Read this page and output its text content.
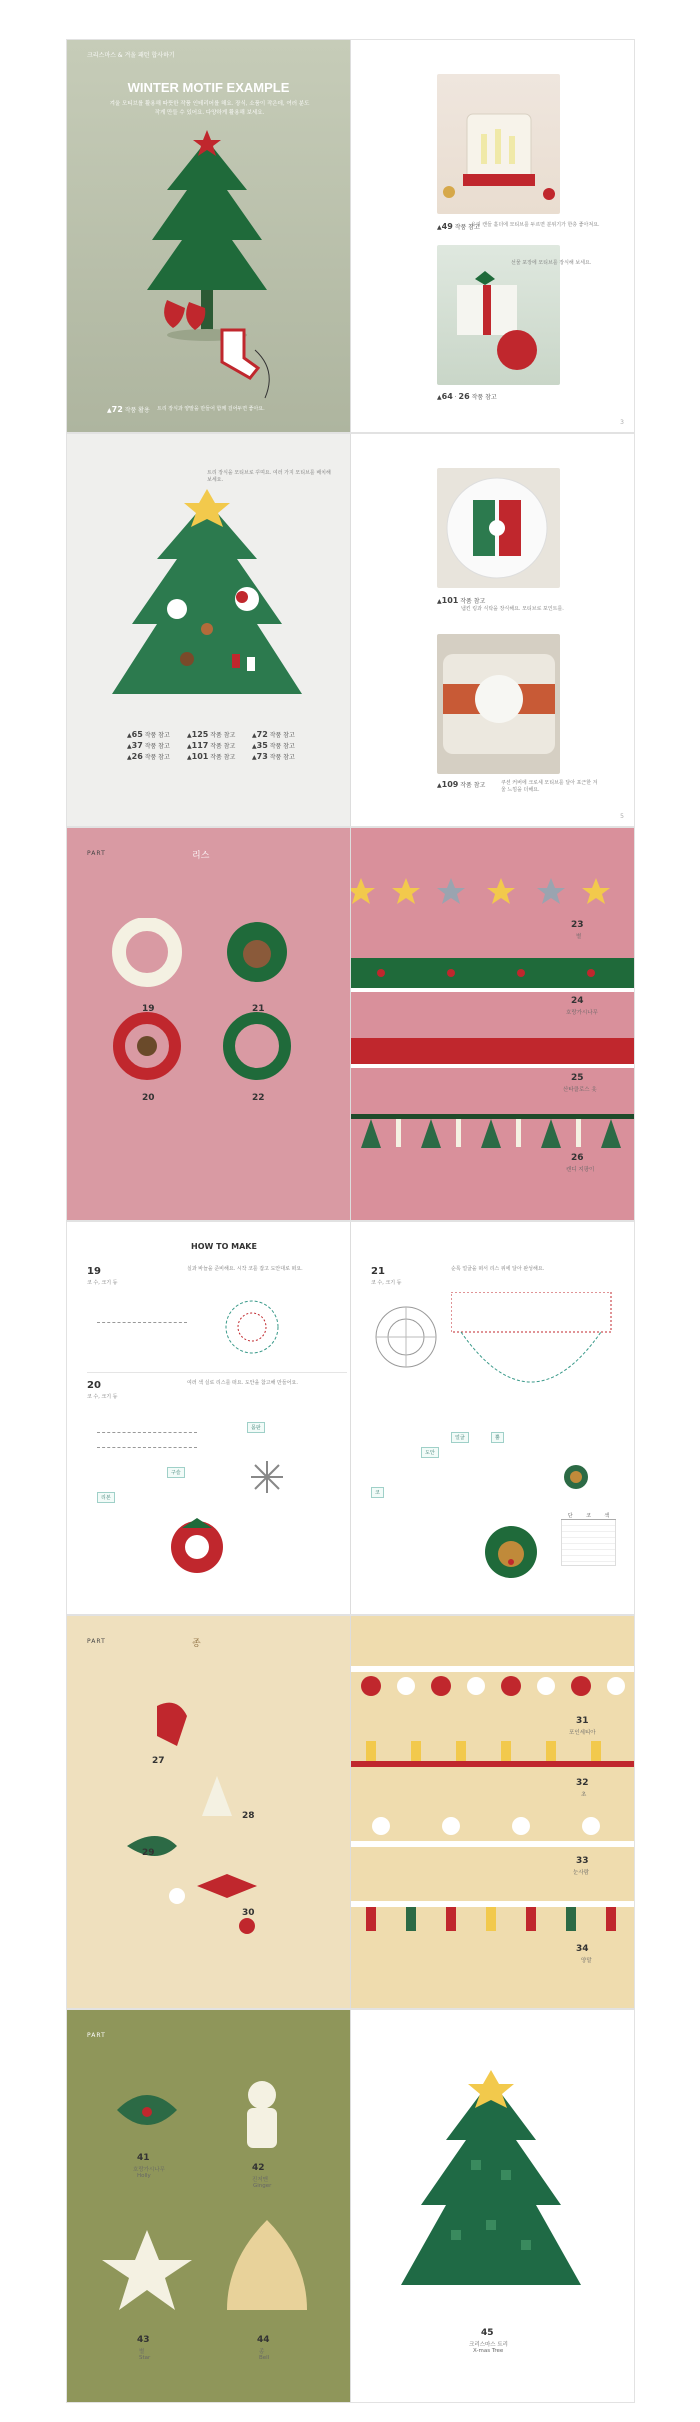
크리스마스 & 겨울 패턴 합사하기
WINTER MOTIF EXAMPLE
겨울 모티브를 활용해 따뜻한 작품 인테리어를 해요. 장식, 소품이 작은데, 여러 분도 작게 만들 수 있어요. 다양하게 활용해 보세요.
▲72 작품 활용 트리 장식과 양말을 만들어 함께 걸어두면 좋아요.
▲49 작품 참고
유리 캔들 홀더에 모티브를 두르면 분위기가 한층 좋아져요.
선물 포장에 모티브를 장식해 보세요.
▲64 · 26 작품 참고
3
트리 장식을 모티브로 꾸며요. 여러 가지 모티브를 배치해 보세요.
▲65 작품 참고	▲125 작품 참고	▲72 작품 참고
▲37 작품 참고	▲117 작품 참고	▲35 작품 참고
▲26 작품 참고	▲101 작품 참고	▲73 작품 참고
▲101 작품 참고
냅킨 링과 식탁을 장식해요. 모티브로 포인트를.
▲109 작품 참고	쿠션 커버에 크로셰 모티브를 달아 포근한 겨울 느낌을 더해요.
5
PART	리스
19	21
20	22
23
별
24
호랑가시나무
25
산타클로스 옷
26
캔디 지팡이
HOW TO MAKE
19
코 수, 크기 등
실과 바늘을 준비해요. 시작 코를 잡고 도안대로 떠요.
20
코 수, 크기 등
여러 색 실로 리스를 떠요. 도안을 참고해 만들어요.
리본
구슬
몸판
21
코 수, 크기 등
순록 얼굴을 떠서 리스 위에 달아 완성해요.
얼굴	뿔
코
도안
단	코	색
PART	종
27
28
29
30
31
포인세티아
32
초
33
눈사람
34
양말
PART
41
호랑가시나무
Holly
42
진저맨
Ginger
43
별
Star
44
종
Bell
45
크리스마스 트리
X-mas Tree
